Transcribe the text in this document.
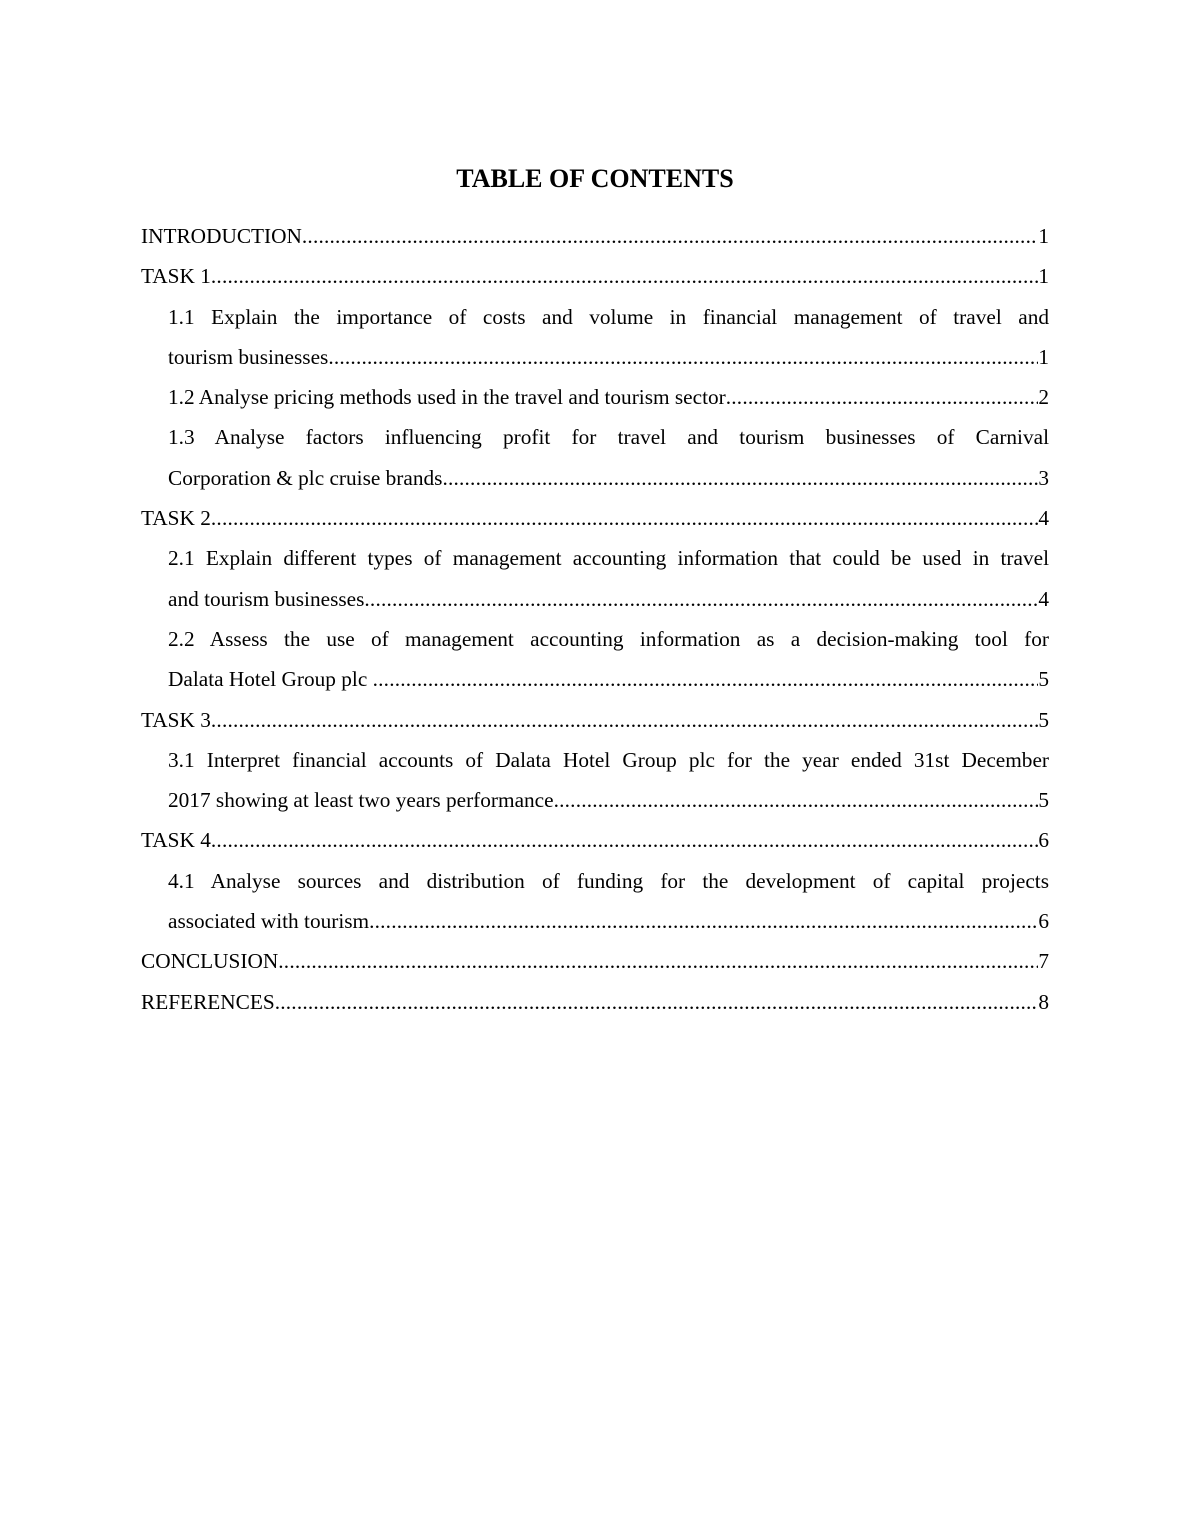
TABLE OF CONTENTS
INTRODUCTION .....	1
TASK 1 .....	1
1.1 Explain the importance of costs and volume in financial management of travel and
tourism businesses .....	1
1.2 Analyse pricing methods used in the travel and tourism sector .....	2
1.3 Analyse factors influencing profit for travel and tourism businesses of Carnival
Corporation & plc cruise brands .....	3
TASK 2 .....	4
2.1 Explain different types of management accounting information that could be used in travel
and tourism businesses .....	4
2.2 Assess the use of management accounting information as a decision-making tool for
Dalata Hotel Group plc .....	5
TASK 3 .....	5
3.1 Interpret financial accounts of Dalata Hotel Group plc for the year ended 31st December
2017 showing at least two years performance .....	5
TASK 4 .....	6
4.1 Analyse sources and distribution of funding for the development of capital projects
associated with tourism .....	6
CONCLUSION .....	7
REFERENCES .....	8
